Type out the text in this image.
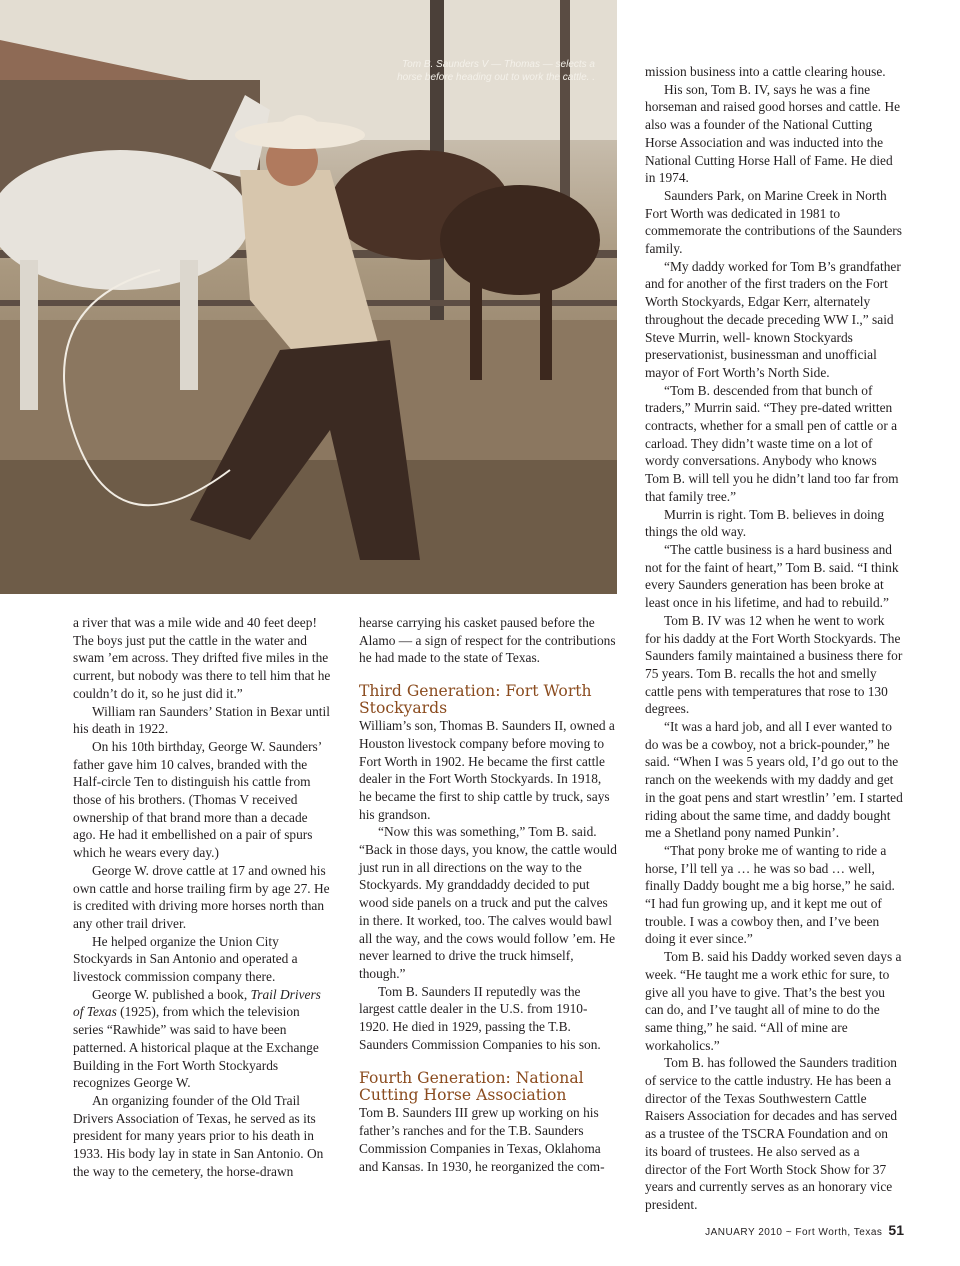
Tom B. Saunders V — Thomas — selects a horse before heading out to work the cattle. .

a river that was a mile wide and 40 feet deep! The boys just put the cattle in the water and swam ’em across. They drifted five miles in the current, but nobody was there to tell him that he couldn’t do it, so he just did it.”

William ran Saunders’ Station in Bexar until his death in 1922.

On his 10th birthday, George W. Saunders’ father gave him 10 calves, branded with the Half-circle Ten to distinguish his cattle from those of his brothers. (Thomas V received ownership of that brand more than a decade ago. He had it embellished on a pair of spurs which he wears every day.)

George W. drove cattle at 17 and owned his own cattle and horse trailing firm by age 27. He is credited with driving more horses north than any other trail driver.

He helped organize the Union City Stockyards in San Antonio and operated a livestock commission company there.

George W. published a book, Trail Drivers of Texas (1925), from which the television series “Rawhide” was said to have been patterned. A historical plaque at the Exchange Building in the Fort Worth Stockyards recognizes George W.

An organizing founder of the Old Trail Drivers Association of Texas, he served as its president for many years prior to his death in 1933. His body lay in state in San Antonio. On the way to the cemetery, the horse-drawn

hearse carrying his casket paused before the Alamo — a sign of respect for the contributions he had made to the state of Texas.

Third Generation: Fort Worth Stockyards

William’s son, Thomas B. Saunders II, owned a Houston livestock company before moving to Fort Worth in 1902. He became the first cattle dealer in the Fort Worth Stockyards. In 1918, he became the first to ship cattle by truck, says his grandson.

“Now this was something,” Tom B. said. “Back in those days, you know, the cattle would just run in all directions on the way to the Stockyards. My granddaddy decided to put wood side panels on a truck and put the calves in there. It worked, too. The calves would bawl all the way, and the cows would follow ’em. He never learned to drive the truck himself, though.”

Tom B. Saunders II reputedly was the largest cattle dealer in the U.S. from 1910-1920. He died in 1929, passing the T.B. Saunders Commission Companies to his son.

Fourth Generation: National Cutting Horse Association

Tom B. Saunders III grew up working on his father’s ranches and for the T.B. Saunders Commission Companies in Texas, Oklahoma and Kansas. In 1930, he reorganized the com-

mission business into a cattle clearing house.

His son, Tom B. IV, says he was a fine horseman and raised good horses and cattle. He also was a founder of the National Cutting Horse Association and was inducted into the National Cutting Horse Hall of Fame. He died in 1974.

Saunders Park, on Marine Creek in North Fort Worth was dedicated in 1981 to commemorate the contributions of the Saunders family.

“My daddy worked for Tom B’s grandfather and for another of the first traders on the Fort Worth Stockyards, Edgar Kerr, alternately throughout the decade preceding WW I.,” said Steve Murrin, well- known Stockyards preservationist, businessman and unofficial mayor of Fort Worth’s North Side.

“Tom B. descended from that bunch of traders,” Murrin said. “They pre-dated written contracts, whether for a small pen of cattle or a carload. They didn’t waste time on a lot of wordy conversations. Anybody who knows Tom B. will tell you he didn’t land too far from that family tree.”

Murrin is right. Tom B. believes in doing things the old way.

“The cattle business is a hard business and not for the faint of heart,” Tom B. said. “I think every Saunders generation has been broke at least once in his lifetime, and had to rebuild.”

Tom B. IV was 12 when he went to work for his daddy at the Fort Worth Stockyards. The Saunders family maintained a business there for 75 years. Tom B. recalls the hot and smelly cattle pens with temperatures that rose to 130 degrees.

“It was a hard job, and all I ever wanted to do was be a cowboy, not a brick-pounder,” he said. “When I was 5 years old, I’d go out to the ranch on the weekends with my daddy and get in the goat pens and start wrestlin’ ’em. I started riding about the same time, and daddy bought me a Shetland pony named Punkin’.

“That pony broke me of wanting to ride a horse, I’ll tell ya … he was so bad … well, finally Daddy bought me a big horse,” he said. “I had fun growing up, and it kept me out of trouble. I was a cowboy then, and I’ve been doing it ever since.”

Tom B. said his Daddy worked seven days a week. “He taught me a work ethic for sure, to give all you have to give. That’s the best you can do, and I’ve taught all of mine to do the same thing,” he said. “All of mine are workaholics.”

Tom B. has followed the Saunders tradition of service to the cattle industry. He has been a director of the Texas Southwestern Cattle Raisers Association for decades and has served as a trustee of the TSCRA Foundation and on its board of trustees. He also served as a director of the Fort Worth Stock Show for 37 years and currently serves as an honorary vice president.

JANUARY 2010 ~ Fort Worth, Texas 51
